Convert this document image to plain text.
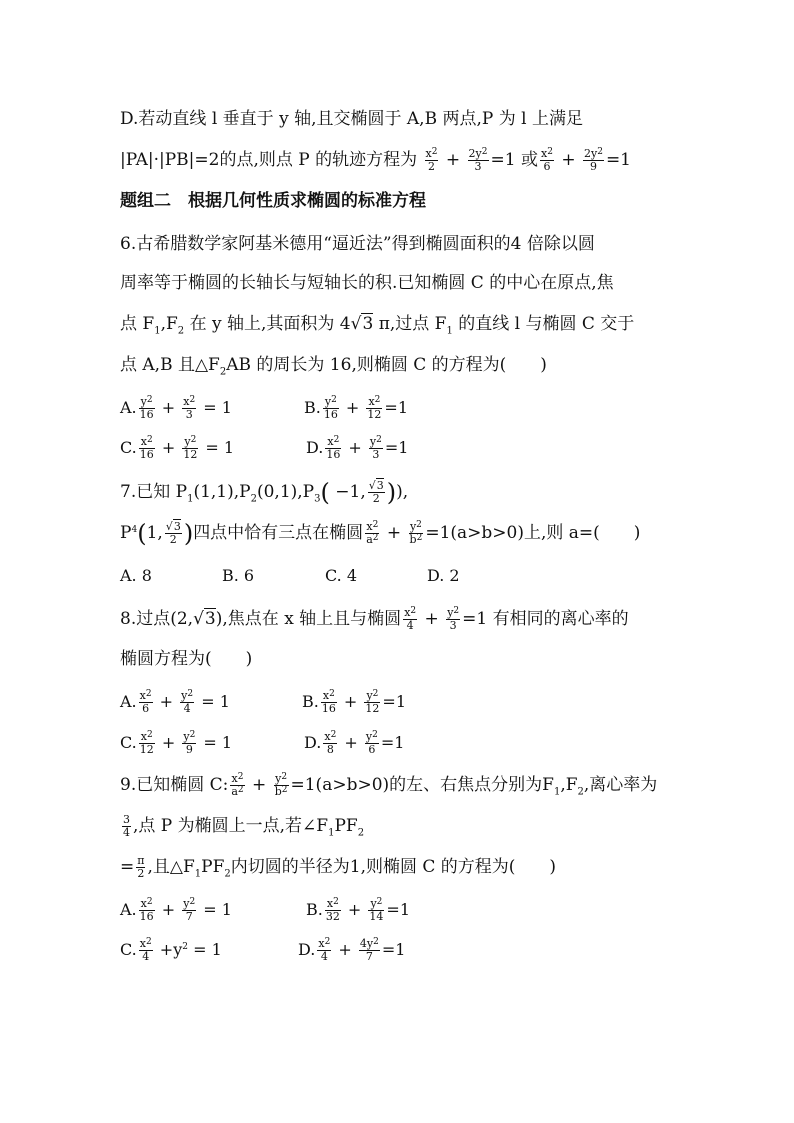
D.若动直线 l 垂直于 y 轴,且交椭圆于 A,B 两点,P 为 l 上满足
|PA|·|PB|=2的点,则点 P 的轨迹方程为 $\frac{x^2}{2} + \frac{2y^2}{3} =1$ 或 $\frac{x^2}{6} + \frac{2y^2}{9} =1$
题组二　根据几何性质求椭圆的标准方程
6.古希腊数学家阿基米德用“逼近法”得到椭圆面积的4 倍除以圆
周率等于椭圆的长轴长与短轴长的积.已知椭圆 C 的中心在原点,焦
点 $F_1,F_2$ 在 y 轴上,其面积为 4√3 π,过点 $F_1$ 的直线 l 与椭圆 C 交于
点 A,B 且$\triangle F_2AB$ 的周长为 16,则椭圆 C 的方程为(　　)
A. $\frac{y^2}{16} + \frac{x^2}{3} = 1$	B. $\frac{y^2}{16} + \frac{x^2}{12} =1$
C. $\frac{x^2}{16} + \frac{y^2}{12} = 1$	D. $\frac{x^2}{16} + \frac{y^2}{3} =1$
7.已知 $P_1(1,1),P_2(0,1),P_3( -1$, $\frac{√3}{2}$ )),
$P^4(1$, $\frac{√3}{2}$ )四点中恰有三点在椭圆 $\frac{x^2}{a^2} + \frac{y^2}{b^2} =1(a>b>0)$上,则 a=(　　)
A. 8	B. 6	C. 4	D. 2
8.过点(2,√3),焦点在 x 轴上且与椭圆 $\frac{x^2}{4} + \frac{y^2}{3} =1$ 有相同的离心率的
椭圆方程为(　　)
A. $\frac{x^2}{6} + \frac{y^2}{4} = 1$	B. $\frac{x^2}{16} + \frac{y^2}{12} =1$
C. $\frac{x^2}{12} + \frac{y^2}{9} = 1$	D. $\frac{x^2}{8} + \frac{y^2}{6} =1$
9.已知椭圆 C: $\frac{x^2}{a^2} + \frac{y^2}{b^2} =1(a>b>0)$的左、右焦点分别为$F_1,F_2$,离心率为
$\frac{3}{4}$ ,点 P 为椭圆上一点,若$\angle F_1PF_2$
= $\frac{\pi}{2}$ ,且$\triangle F_1PF_2$内切圆的半径为1,则椭圆 C 的方程为(　　)
A. $\frac{x^2}{16} + \frac{y^2}{7} = 1$	B. $\frac{x^2}{32} + \frac{y^2}{14} =1$
C. $\frac{x^2}{4} +y^2 = 1$	D. $\frac{x^2}{4} + \frac{4y^2}{7} =1$
